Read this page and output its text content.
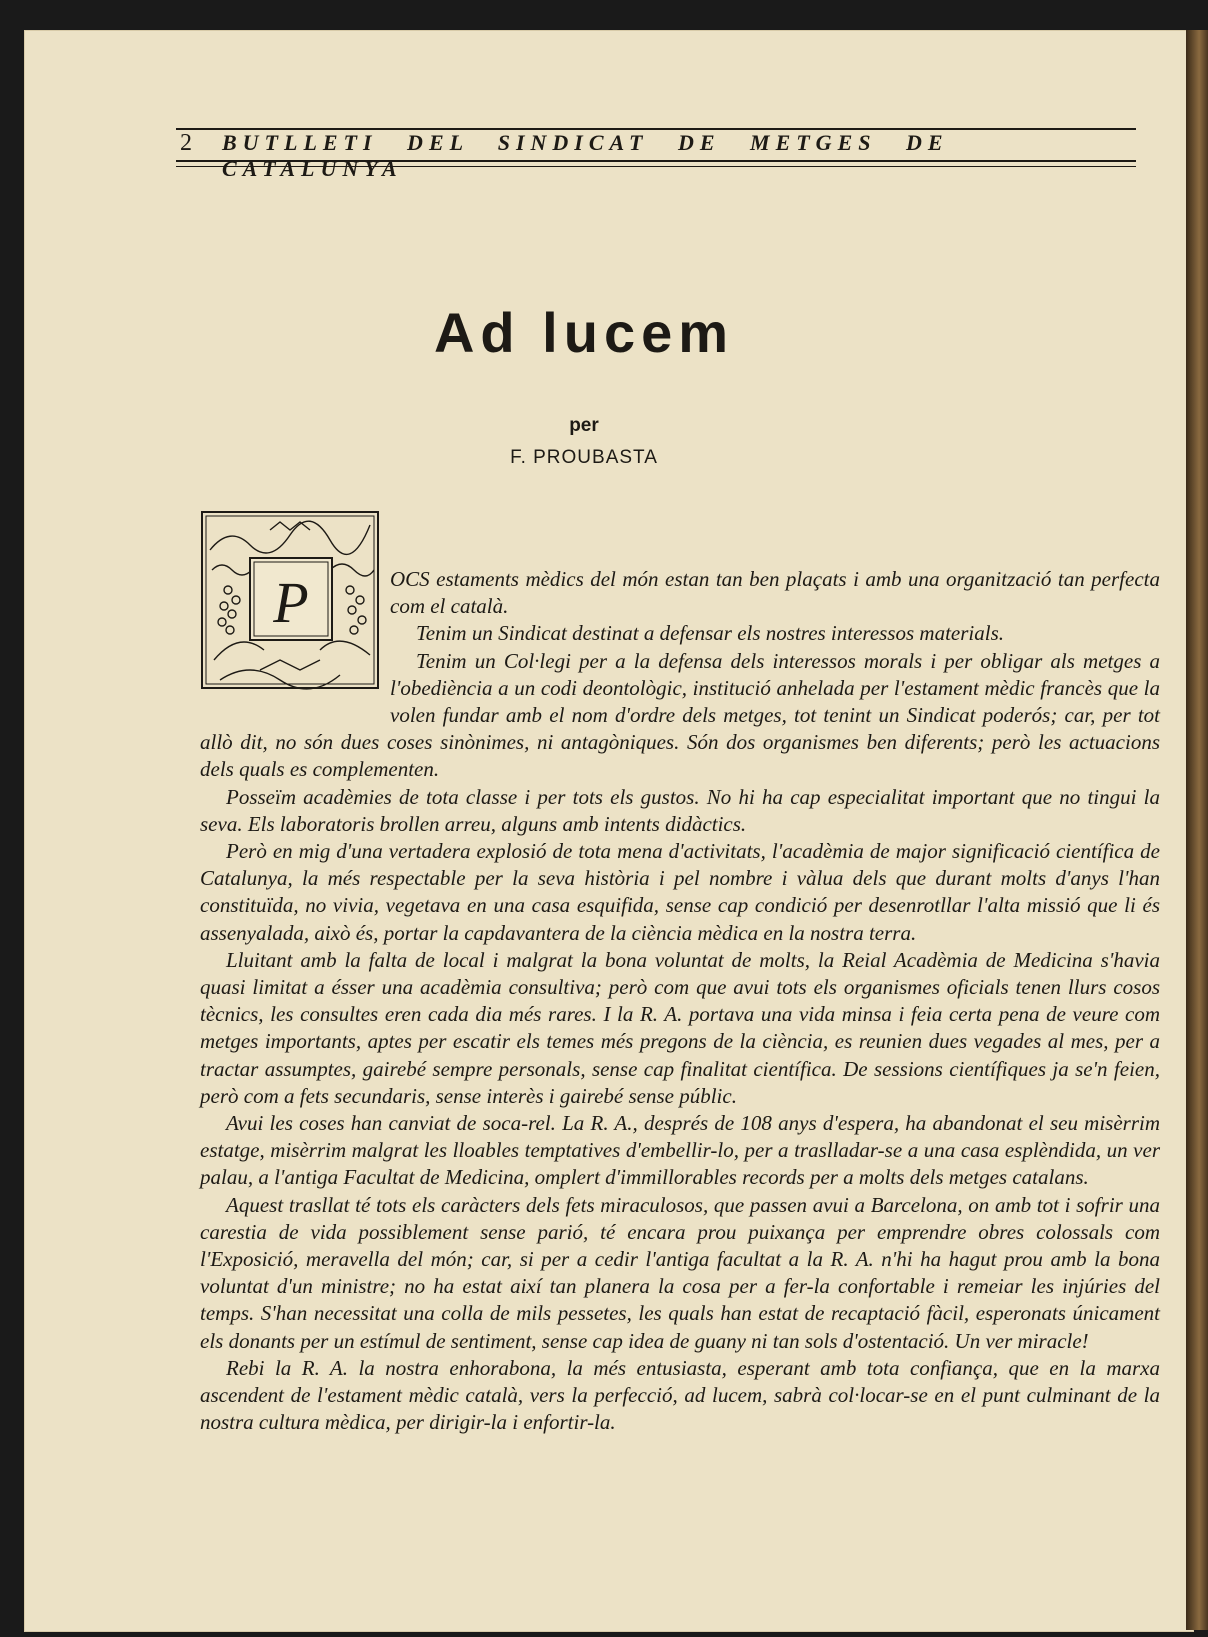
2 BUTLLETI DEL SINDICAT DE METGES DE CATALUNYA
Ad lucem
per
F. PROUBASTA
P	OCS estaments mèdics del món estan tan ben plaçats i amb una organització tan perfecta com el català.

Tenim un Sindicat destinat a defensar els nostres interessos materials.

Tenim un Col·legi per a la defensa dels interessos morals i per obligar als metges a l'obediència a un codi deontològic, institució anhelada per l'estament mèdic francès que la volen fundar amb el nom d'ordre dels metges, tot tenint un Sindicat poderós; car, per tot allò dit, no són dues coses sinònimes, ni antagòniques. Són dos organismes ben diferents; però les actuacions dels quals es complementen.

Posseïm acadèmies de tota classe i per tots els gustos. No hi ha cap especialitat important que no tingui la seva. Els laboratoris brollen arreu, alguns amb intents didàctics.

Però en mig d'una vertadera explosió de tota mena d'activitats, l'acadèmia de major significació científica de Catalunya, la més respectable per la seva història i pel nombre i vàlua dels que durant molts d'anys l'han constituïda, no vivia, vegetava en una casa esquifida, sense cap condició per desenrotllar l'alta missió que li és assenyalada, això és, portar la capdavantera de la ciència mèdica en la nostra terra.

Lluitant amb la falta de local i malgrat la bona voluntat de molts, la Reial Acadèmia de Medicina s'havia quasi limitat a ésser una acadèmia consultiva; però com que avui tots els organismes oficials tenen llurs cosos tècnics, les consultes eren cada dia més rares. I la R. A. portava una vida minsa i feia certa pena de veure com metges importants, aptes per escatir els temes més pregons de la ciència, es reunien dues vegades al mes, per a tractar assumptes, gairebé sempre personals, sense cap finalitat científica. De sessions científiques ja se'n feien, però com a fets secundaris, sense interès i gairebé sense públic.

Avui les coses han canviat de soca-rel. La R. A., després de 108 anys d'espera, ha abandonat el seu misèrrim estatge, misèrrim malgrat les lloables temptatives d'embellir-lo, per a traslladar-se a una casa esplèndida, un ver palau, a l'antiga Facultat de Medicina, omplert d'immillorables records per a molts dels metges catalans.

Aquest trasllat té tots els caràcters dels fets miraculosos, que passen avui a Barcelona, on amb tot i sofrir una carestia de vida possiblement sense parió, té encara prou puixança per emprendre obres colossals com l'Exposició, meravella del món; car, si per a cedir l'antiga facultat a la R. A. n'hi ha hagut prou amb la bona voluntat d'un ministre; no ha estat així tan planera la cosa per a fer-la confortable i remeiar les injúries del temps. S'han necessitat una colla de mils pessetes, les quals han estat de recaptació fàcil, esperonats únicament els donants per un estímul de sentiment, sense cap idea de guany ni tan sols d'ostentació. Un ver miracle!

Rebi la R. A. la nostra enhorabona, la més entusiasta, esperant amb tota confiança, que en la marxa ascendent de l'estament mèdic català, vers la perfecció, ad lucem, sabrà col·locar-se en el punt culminant de la nostra cultura mèdica, per dirigir-la i enfortir-la.
